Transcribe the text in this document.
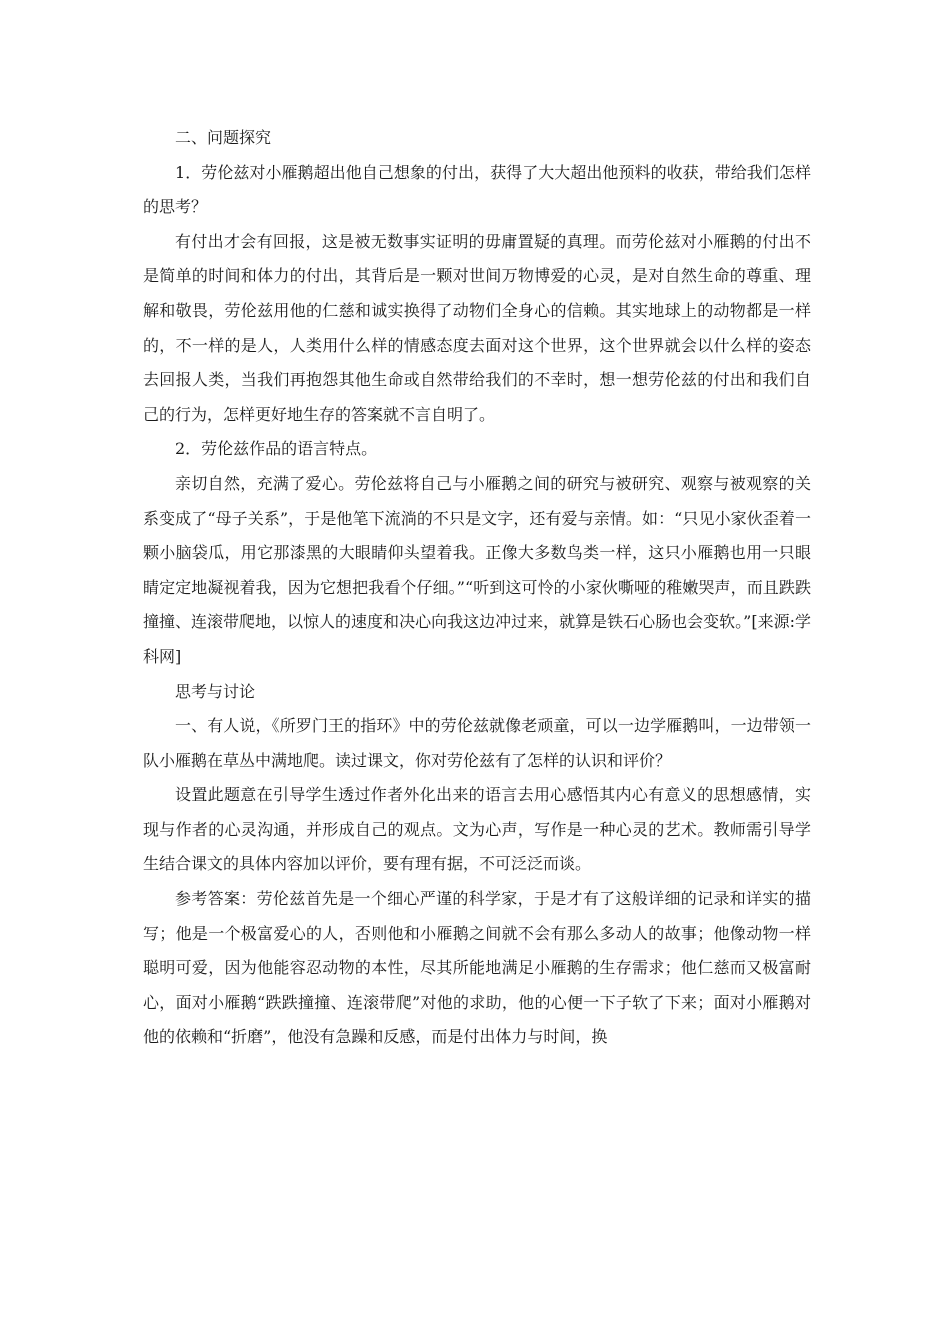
二、问题探究

1．劳伦兹对小雁鹅超出他自己想象的付出，获得了大大超出他预料的收获，带给我们怎样的思考？

有付出才会有回报，这是被无数事实证明的毋庸置疑的真理。而劳伦兹对小雁鹅的付出不是简单的时间和体力的付出，其背后是一颗对世间万物博爱的心灵，是对自然生命的尊重、理解和敬畏，劳伦兹用他的仁慈和诚实换得了动物们全身心的信赖。其实地球上的动物都是一样的，不一样的是人，人类用什么样的情感态度去面对这个世界，这个世界就会以什么样的姿态去回报人类，当我们再抱怨其他生命或自然带给我们的不幸时，想一想劳伦兹的付出和我们自己的行为，怎样更好地生存的答案就不言自明了。

2．劳伦兹作品的语言特点。

亲切自然，充满了爱心。劳伦兹将自己与小雁鹅之间的研究与被研究、观察与被观察的关系变成了“母子关系”，于是他笔下流淌的不只是文字，还有爱与亲情。如：“只见小家伙歪着一颗小脑袋瓜，用它那漆黑的大眼睛仰头望着我。正像大多数鸟类一样，这只小雁鹅也用一只眼睛定定地凝视着我，因为它想把我看个仔细。”“听到这可怜的小家伙嘶哑的稚嫩哭声，而且跌跌撞撞、连滚带爬地，以惊人的速度和决心向我这边冲过来，就算是铁石心肠也会变软。”[来源:学科网]

思考与讨论

一、有人说，《所罗门王的指环》中的劳伦兹就像老顽童，可以一边学雁鹅叫，一边带领一队小雁鹅在草丛中满地爬。读过课文，你对劳伦兹有了怎样的认识和评价？

设置此题意在引导学生透过作者外化出来的语言去用心感悟其内心有意义的思想感情，实现与作者的心灵沟通，并形成自己的观点。文为心声，写作是一种心灵的艺术。教师需引导学生结合课文的具体内容加以评价，要有理有据，不可泛泛而谈。

参考答案：劳伦兹首先是一个细心严谨的科学家，于是才有了这般详细的记录和详实的描写；他是一个极富爱心的人，否则他和小雁鹅之间就不会有那么多动人的故事；他像动物一样聪明可爱，因为他能容忍动物的本性，尽其所能地满足小雁鹅的生存需求；他仁慈而又极富耐心，面对小雁鹅“跌跌撞撞、连滚带爬”对他的求助，他的心便一下子软了下来；面对小雁鹅对他的依赖和“折磨”，他没有急躁和反感，而是付出体力与时间，换
